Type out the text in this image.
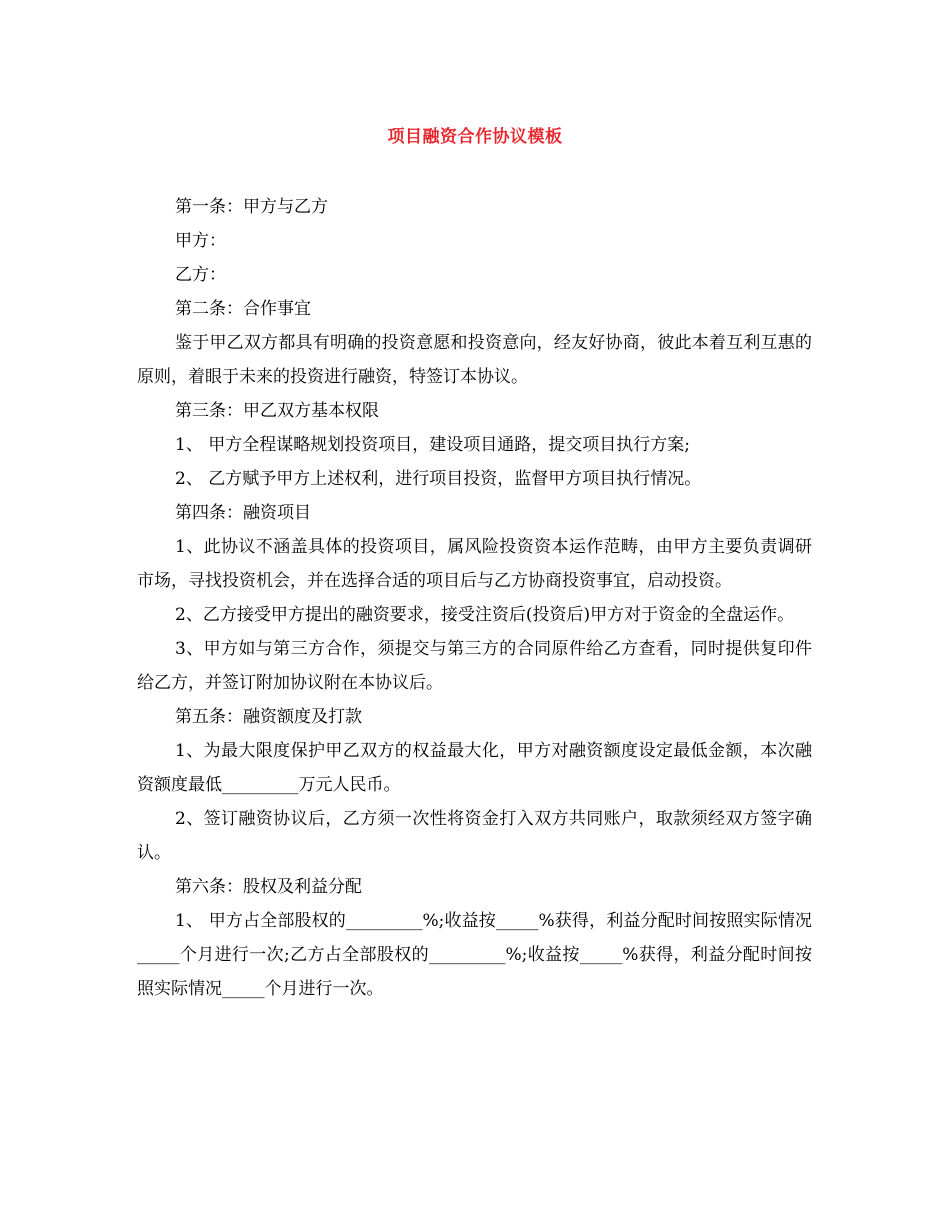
项目融资合作协议模板

第一条：甲方与乙方

甲方：

乙方：

第二条：合作事宜

鉴于甲乙双方都具有明确的投资意愿和投资意向，经友好协商，彼此本着互利互惠的原则，着眼于未来的投资进行融资，特签订本协议。

第三条：甲乙双方基本权限

1、 甲方全程谋略规划投资项目，建设项目通路，提交项目执行方案;

2、 乙方赋予甲方上述权利，进行项目投资，监督甲方项目执行情况。

第四条：融资项目

1、此协议不涵盖具体的投资项目，属风险投资资本运作范畴，由甲方主要负责调研市场，寻找投资机会，并在选择合适的项目后与乙方协商投资事宜，启动投资。

2、乙方接受甲方提出的融资要求，接受注资后(投资后)甲方对于资金的全盘运作。

3、甲方如与第三方合作，须提交与第三方的合同原件给乙方查看，同时提供复印件给乙方，并签订附加协议附在本协议后。

第五条：融资额度及打款

1、为最大限度保护甲乙双方的权益最大化，甲方对融资额度设定最低金额，本次融资额度最低_________万元人民币。

2、签订融资协议后，乙方须一次性将资金打入双方共同账户，取款须经双方签字确认。

第六条：股权及利益分配

1、 甲方占全部股权的_________%;收益按_____%获得，利益分配时间按照实际情况_____个月进行一次;乙方占全部股权的_________%;收益按_____%获得，利益分配时间按照实际情况_____个月进行一次。
